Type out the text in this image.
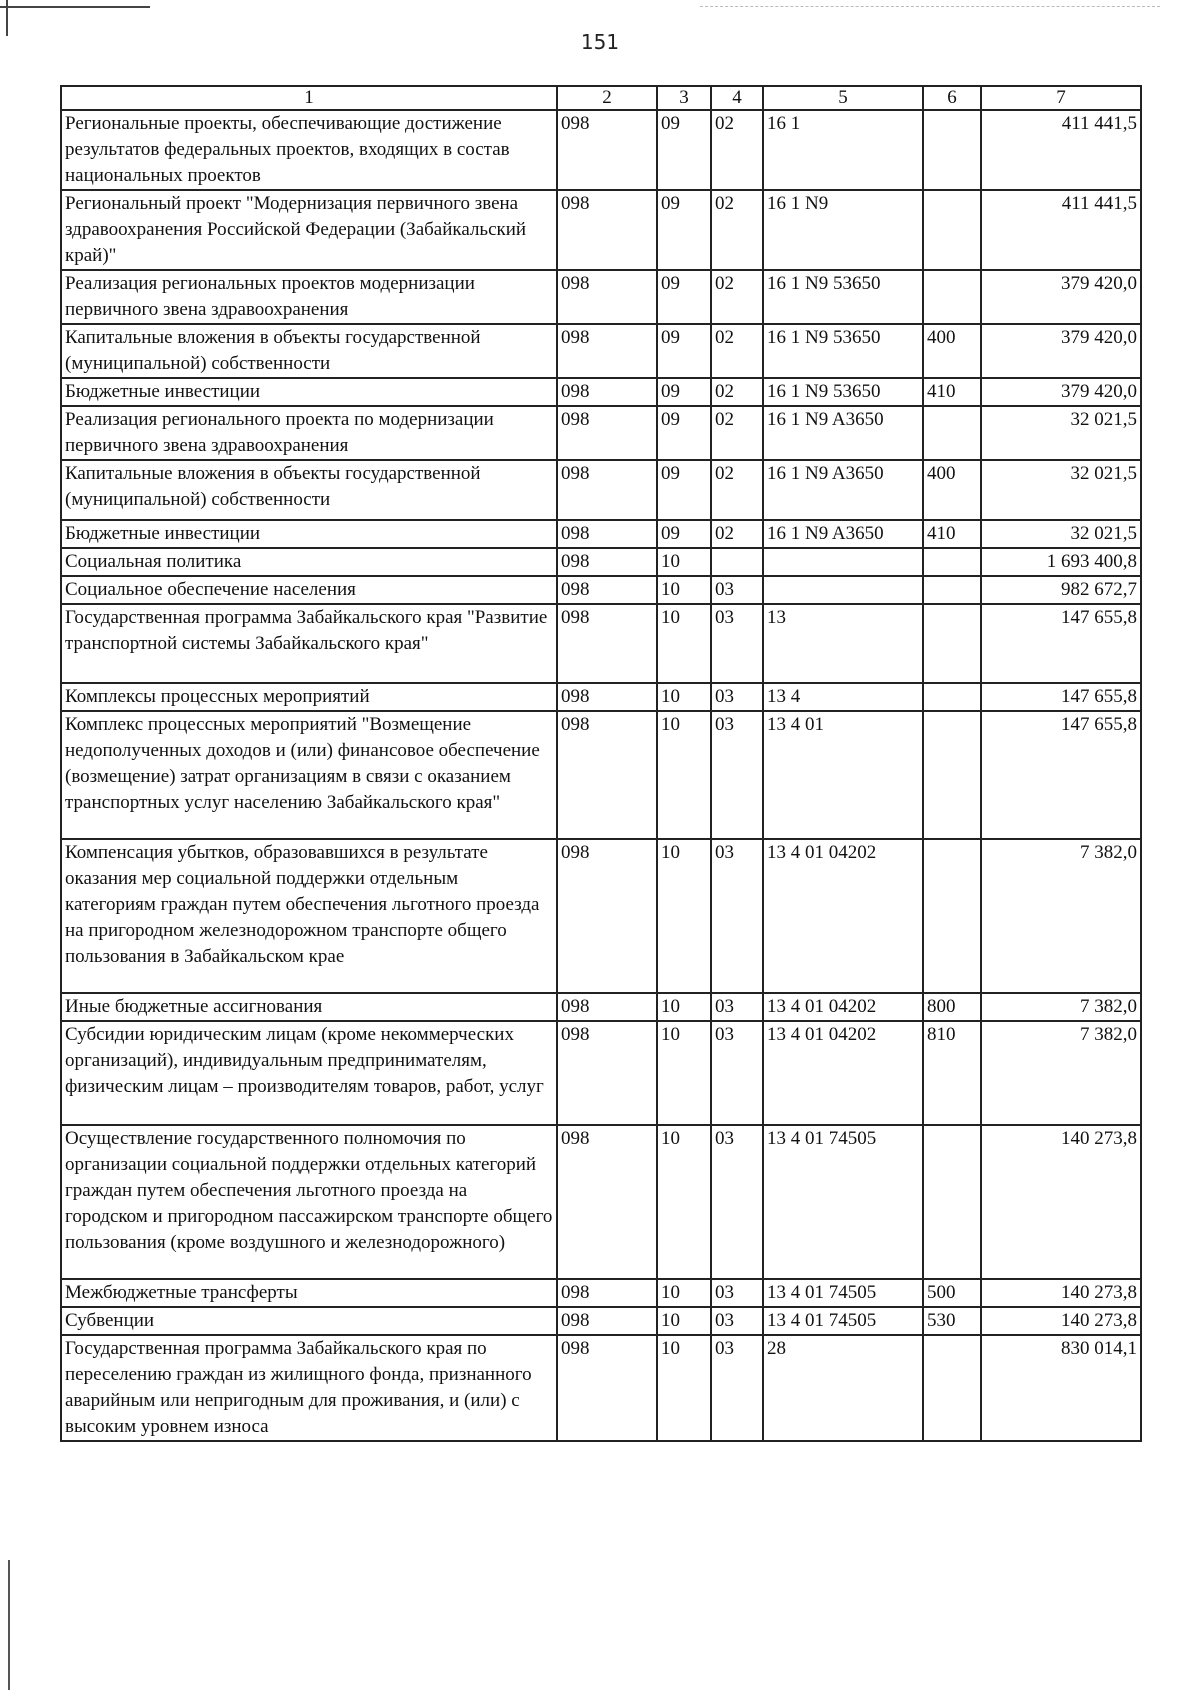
151
1	2	3	4	5	6	7
Региональные проекты, обеспечивающие достижение результатов федеральных проектов, входящих в состав национальных проектов	098	09	02	16 1		411 441,5
Региональный проект "Модернизация первичного звена здравоохранения Российской Федерации (Забайкальский край)"	098	09	02	16 1 N9		411 441,5
Реализация региональных проектов модернизации первичного звена здравоохранения	098	09	02	16 1 N9 53650		379 420,0
Капитальные вложения в объекты государственной (муниципальной) собственности	098	09	02	16 1 N9 53650	400	379 420,0
Бюджетные инвестиции	098	09	02	16 1 N9 53650	410	379 420,0
Реализация регионального проекта по модернизации первичного звена здравоохранения	098	09	02	16 1 N9 A3650		32 021,5
Капитальные вложения в объекты государственной (муниципальной) собственности	098	09	02	16 1 N9 A3650	400	32 021,5
Бюджетные инвестиции	098	09	02	16 1 N9 A3650	410	32 021,5
Социальная политика	098	10				1 693 400,8
Социальное обеспечение населения	098	10	03			982 672,7
Государственная программа Забайкальского края "Развитие транспортной системы Забайкальского края"	098	10	03	13		147 655,8
Комплексы процессных мероприятий	098	10	03	13 4		147 655,8
Комплекс процессных мероприятий "Возмещение недополученных доходов и (или) финансовое обеспечение (возмещение) затрат организациям в связи с оказанием транспортных услуг населению Забайкальского края"	098	10	03	13 4 01		147 655,8
Компенсация убытков, образовавшихся в результате оказания мер социальной поддержки отдельным категориям граждан путем обеспечения льготного проезда на пригородном железнодорожном транспорте общего пользования в Забайкальском крае	098	10	03	13 4 01 04202		7 382,0
Иные бюджетные ассигнования	098	10	03	13 4 01 04202	800	7 382,0
Субсидии юридическим лицам (кроме некоммерческих организаций), индивидуальным предпринимателям, физическим лицам – производителям товаров, работ, услуг	098	10	03	13 4 01 04202	810	7 382,0
Осуществление государственного полномочия по организации социальной поддержки отдельных категорий граждан путем обеспечения льготного проезда на городском и пригородном пассажирском транспорте общего пользования (кроме воздушного и железнодорожного)	098	10	03	13 4 01 74505		140 273,8
Межбюджетные трансферты	098	10	03	13 4 01 74505	500	140 273,8
Субвенции	098	10	03	13 4 01 74505	530	140 273,8
Государственная программа Забайкальского края по переселению граждан из жилищного фонда, признанного аварийным или непригодным для проживания, и (или) с высоким уровнем износа	098	10	03	28		830 014,1
